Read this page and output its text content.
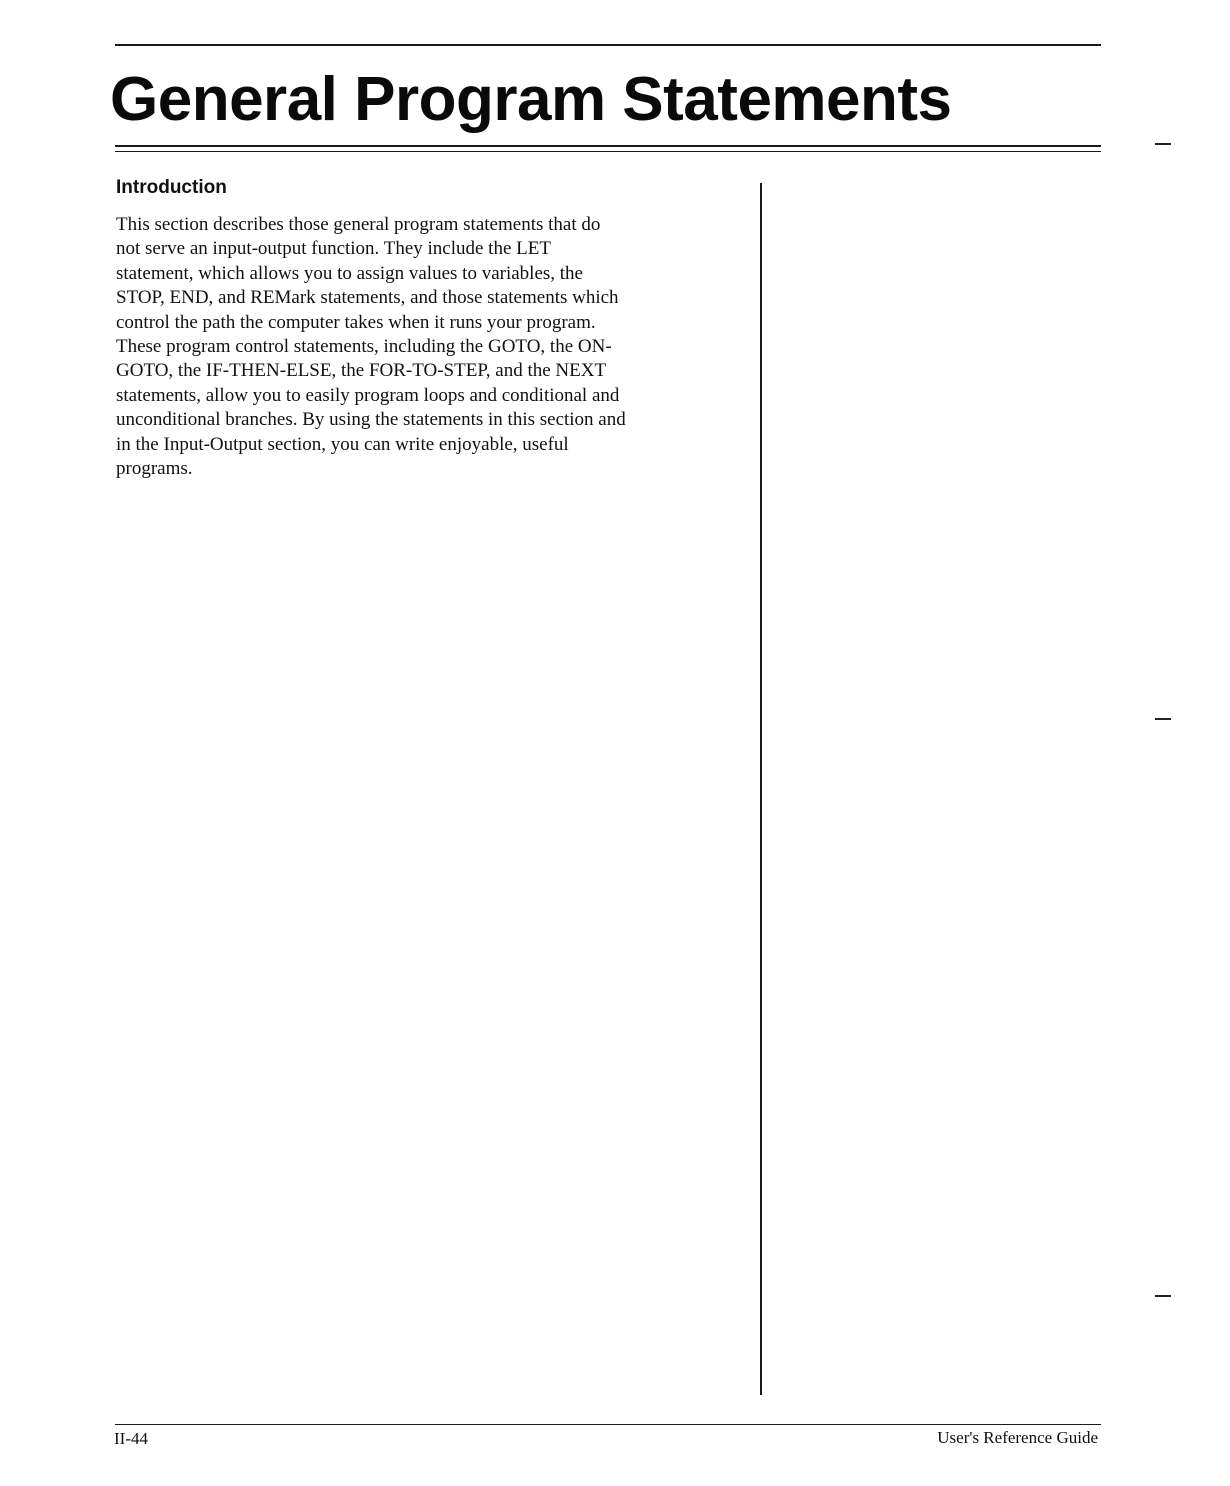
General Program Statements
Introduction
This section describes those general program statements that do
not serve an input-output function. They include the LET
statement, which allows you to assign values to variables, the
STOP, END, and REMark statements, and those statements which
control the path the computer takes when it runs your program.
These program control statements, including the GOTO, the ON-
GOTO, the IF-THEN-ELSE, the FOR-TO-STEP, and the NEXT
statements, allow you to easily program loops and conditional and
unconditional branches. By using the statements in this section and
in the Input-Output section, you can write enjoyable, useful
programs.
II-44	User's Reference Guide
